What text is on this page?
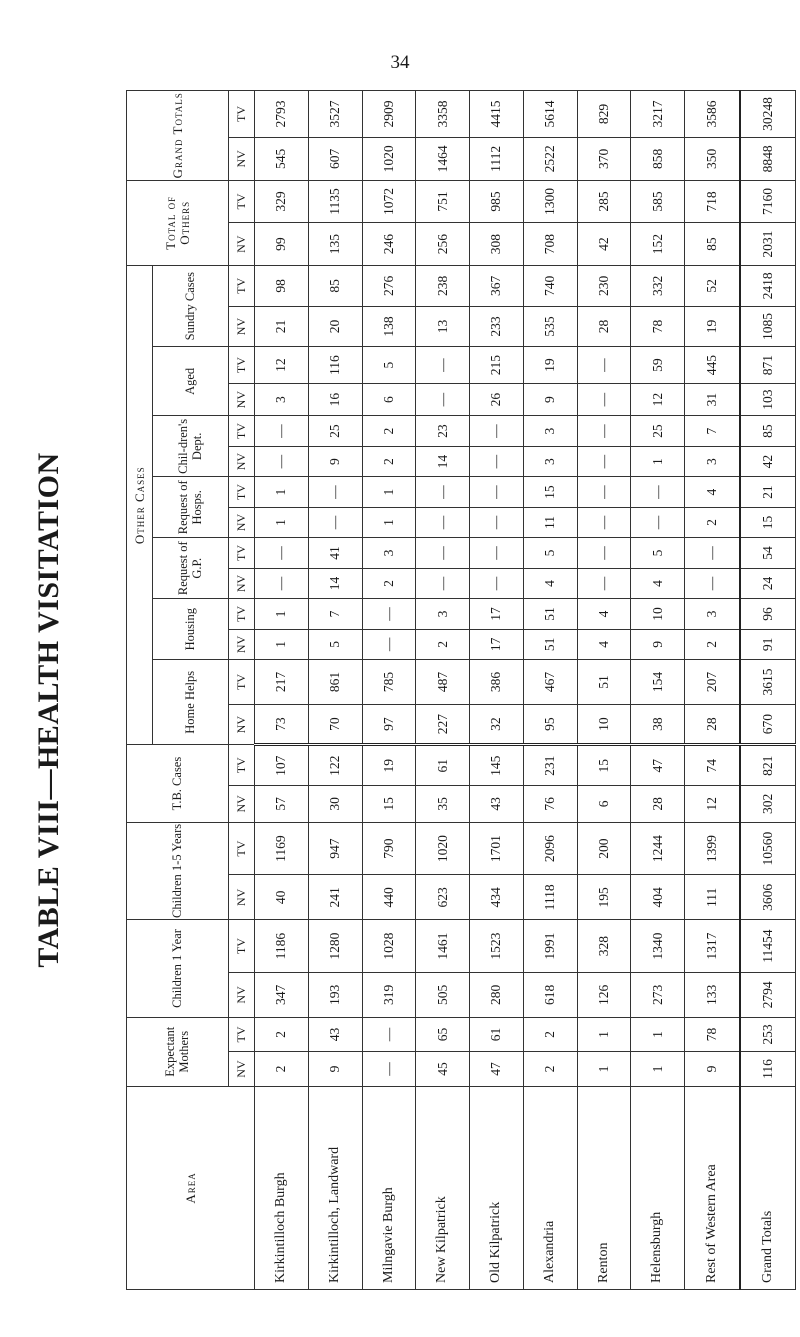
34
TABLE VIII—HEALTH VISITATION
Area	Expectant Mothers		Children 1 Year		Children 1-5 Years		T.B. Cases		Other Cases														Total of Others		Grand Totals	
									Home Helps		Housing		Request of G.P.		Request of Hosps.		Chil-dren's Dept.		Aged		Sundry Cases					
	NV	TV	NV	TV	NV	TV	NV	TV	NV	TV	NV	TV	NV	TV	NV	TV	NV	TV	NV	TV	NV	TV	NV	TV	NV	TV
Kirkintilloch Burgh	2	2	347	1186	40	1169	57	107	73	217	1	1	—	—	1	1	—	—	3	12	21	98	99	329	545	2793
Kirkintilloch, Landward	9	43	193	1280	241	947	30	122	70	861	5	7	14	41	—	—	9	25	16	116	20	85	135	1135	607	3527
Milngavie Burgh	—	—	319	1028	440	790	15	19	97	785	—	—	2	3	1	1	2	2	6	5	138	276	246	1072	1020	2909
New Kilpatrick	45	65	505	1461	623	1020	35	61	227	487	2	3	—	—	—	—	14	23	—	—	13	238	256	751	1464	3358
Old Kilpatrick	47	61	280	1523	434	1701	43	145	32	386	17	17	—	—	—	—	—	—	26	215	233	367	308	985	1112	4415
Alexandria	2	2	618	1991	1118	2096	76	231	95	467	51	51	4	5	11	15	3	3	9	19	535	740	708	1300	2522	5614
Renton	1	1	126	328	195	200	6	15	10	51	4	4	—	—	—	—	—	—	—	—	28	230	42	285	370	829
Helensburgh	1	1	273	1340	404	1244	28	47	38	154	9	10	4	5	—	—	1	25	12	59	78	332	152	585	858	3217
Rest of Western Area	9	78	133	1317	111	1399	12	74	28	207	2	3	—	—	2	4	3	7	31	445	19	52	85	718	350	3586
Grand Totals	116	253	2794	11454	3606	10560	302	821	670	3615	91	96	24	54	15	21	42	85	103	871	1085	2418	2031	7160	8848	30248
